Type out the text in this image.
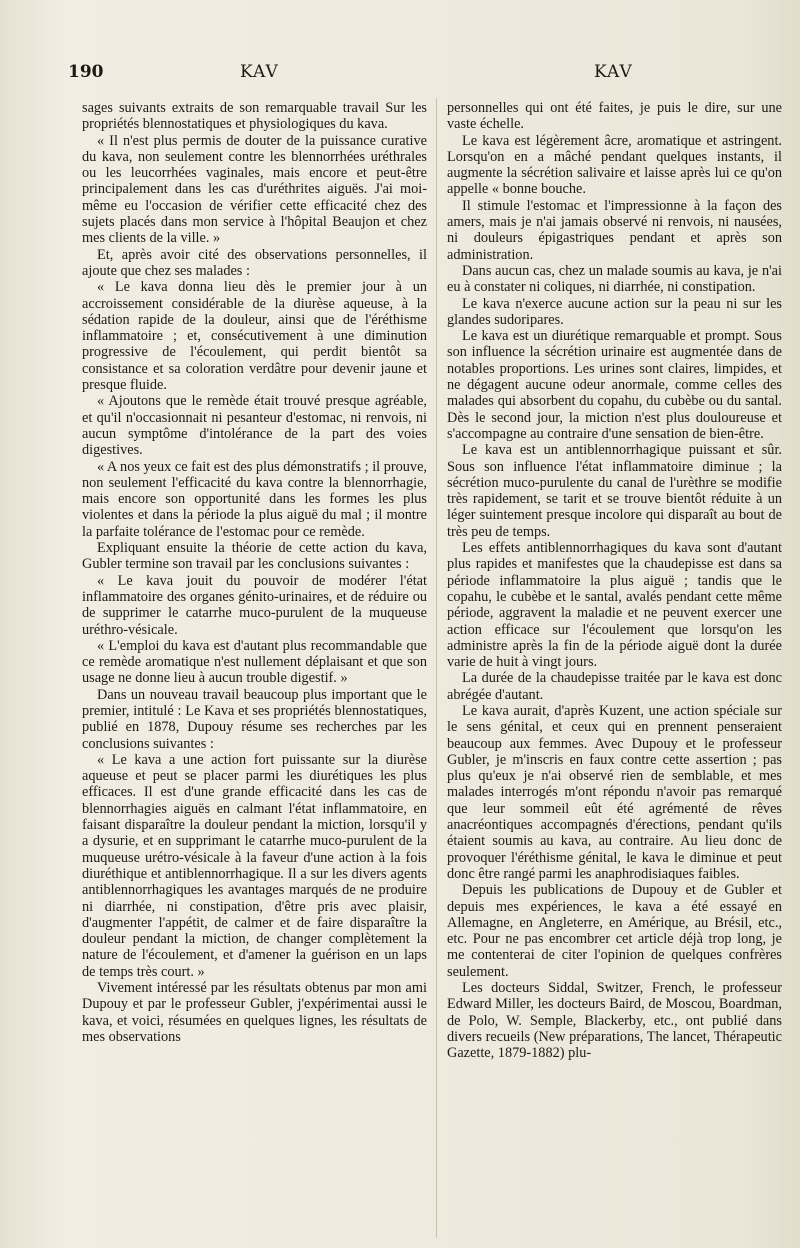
190	KAV	KAV

sages suivants extraits de son remarquable travail Sur les propriétés blennostatiques et physiologiques du kava.

« Il n'est plus permis de douter de la puissance curative du kava, non seulement contre les blennorrhées uréthrales ou les leucorrhées vaginales, mais encore et peut-être principalement dans les cas d'uréthrites aiguës. J'ai moi-même eu l'occasion de vérifier cette efficacité chez des sujets placés dans mon service à l'hôpital Beaujon et chez mes clients de la ville. »

Et, après avoir cité des observations personnelles, il ajoute que chez ses malades :

« Le kava donna lieu dès le premier jour à un accroissement considérable de la diurèse aqueuse, à la sédation rapide de la douleur, ainsi que de l'éréthisme inflammatoire ; et, consécutivement à une diminution progressive de l'écoulement, qui perdit bientôt sa consistance et sa coloration verdâtre pour devenir jaune et presque fluide.

« Ajoutons que le remède était trouvé presque agréable, et qu'il n'occasionnait ni pesanteur d'estomac, ni renvois, ni aucun symptôme d'intolérance de la part des voies digestives.

« A nos yeux ce fait est des plus démonstratifs ; il prouve, non seulement l'efficacité du kava contre la blennorrhagie, mais encore son opportunité dans les formes les plus violentes et dans la période la plus aiguë du mal ; il montre la parfaite tolérance de l'estomac pour ce remède.

Expliquant ensuite la théorie de cette action du kava, Gubler termine son travail par les conclusions suivantes :

« Le kava jouit du pouvoir de modérer l'état inflammatoire des organes génito-urinaires, et de réduire ou de supprimer le catarrhe muco-purulent de la muqueuse uréthro-vésicale.

« L'emploi du kava est d'autant plus recommandable que ce remède aromatique n'est nullement déplaisant et que son usage ne donne lieu à aucun trouble digestif. »

Dans un nouveau travail beaucoup plus important que le premier, intitulé : Le Kava et ses propriétés blennostatiques, publié en 1878, Dupouy résume ses recherches par les conclusions suivantes :

« Le kava a une action fort puissante sur la diurèse aqueuse et peut se placer parmi les diurétiques les plus efficaces. Il est d'une grande efficacité dans les cas de blennorrhagies aiguës en calmant l'état inflammatoire, en faisant disparaître la douleur pendant la miction, lorsqu'il y a dysurie, et en supprimant le catarrhe muco-purulent de la muqueuse urétro-vésicale à la faveur d'une action à la fois diuréthique et antiblennorrhagique. Il a sur les divers agents antiblennorrhagiques les avantages marqués de ne produire ni diarrhée, ni constipation, d'être pris avec plaisir, d'augmenter l'appétit, de calmer et de faire disparaître la douleur pendant la miction, de changer complètement la nature de l'écoulement, et d'amener la guérison en un laps de temps très court. »

Vivement intéressé par les résultats obtenus par mon ami Dupouy et par le professeur Gubler, j'expérimentai aussi le kava, et voici, résumées en quelques lignes, les résultats de mes observations

personnelles qui ont été faites, je puis le dire, sur une vaste échelle.

Le kava est légèrement âcre, aromatique et astringent. Lorsqu'on en a mâché pendant quelques instants, il augmente la sécrétion salivaire et laisse après lui ce qu'on appelle « bonne bouche.

Il stimule l'estomac et l'impressionne à la façon des amers, mais je n'ai jamais observé ni renvois, ni nausées, ni douleurs épigastriques pendant et après son administration.

Dans aucun cas, chez un malade soumis au kava, je n'ai eu à constater ni coliques, ni diarrhée, ni constipation.

Le kava n'exerce aucune action sur la peau ni sur les glandes sudoripares.

Le kava est un diurétique remarquable et prompt. Sous son influence la sécrétion urinaire est augmentée dans de notables proportions. Les urines sont claires, limpides, et ne dégagent aucune odeur anormale, comme celles des malades qui absorbent du copahu, du cubèbe ou du santal. Dès le second jour, la miction n'est plus douloureuse et s'accompagne au contraire d'une sensation de bien-être.

Le kava est un antiblennorrhagique puissant et sûr. Sous son influence l'état inflammatoire diminue ; la sécrétion muco-purulente du canal de l'urèthre se modifie très rapidement, se tarit et se trouve bientôt réduite à un léger suintement presque incolore qui disparaît au bout de très peu de temps.

Les effets antiblennorrhagiques du kava sont d'autant plus rapides et manifestes que la chaudepisse est dans sa période inflammatoire la plus aiguë ; tandis que le copahu, le cubèbe et le santal, avalés pendant cette même période, aggravent la maladie et ne peuvent exercer une action efficace sur l'écoulement que lorsqu'on les administre après la fin de la période aiguë dont la durée varie de huit à vingt jours.

La durée de la chaudepisse traitée par le kava est donc abrégée d'autant.

Le kava aurait, d'après Kuzent, une action spéciale sur le sens génital, et ceux qui en prennent penseraient beaucoup aux femmes. Avec Dupouy et le professeur Gubler, je m'inscris en faux contre cette assertion ; pas plus qu'eux je n'ai observé rien de semblable, et mes malades interrogés m'ont répondu n'avoir pas remarqué que leur sommeil eût été agrémenté de rêves anacréontiques accompagnés d'érections, pendant qu'ils étaient soumis au kava, au contraire. Au lieu donc de provoquer l'éréthisme génital, le kava le diminue et peut donc être rangé parmi les anaphrodisiaques faibles.

Depuis les publications de Dupouy et de Gubler et depuis mes expériences, le kava a été essayé en Allemagne, en Angleterre, en Amérique, au Brésil, etc., etc. Pour ne pas encombrer cet article déjà trop long, je me contenterai de citer l'opinion de quelques confrères seulement.

Les docteurs Siddal, Switzer, French, le professeur Edward Miller, les docteurs Baird, de Moscou, Boardman, de Polo, W. Semple, Blackerby, etc., ont publié dans divers recueils (New préparations, The lancet, Thérapeutic Gazette, 1879-1882) plu-
